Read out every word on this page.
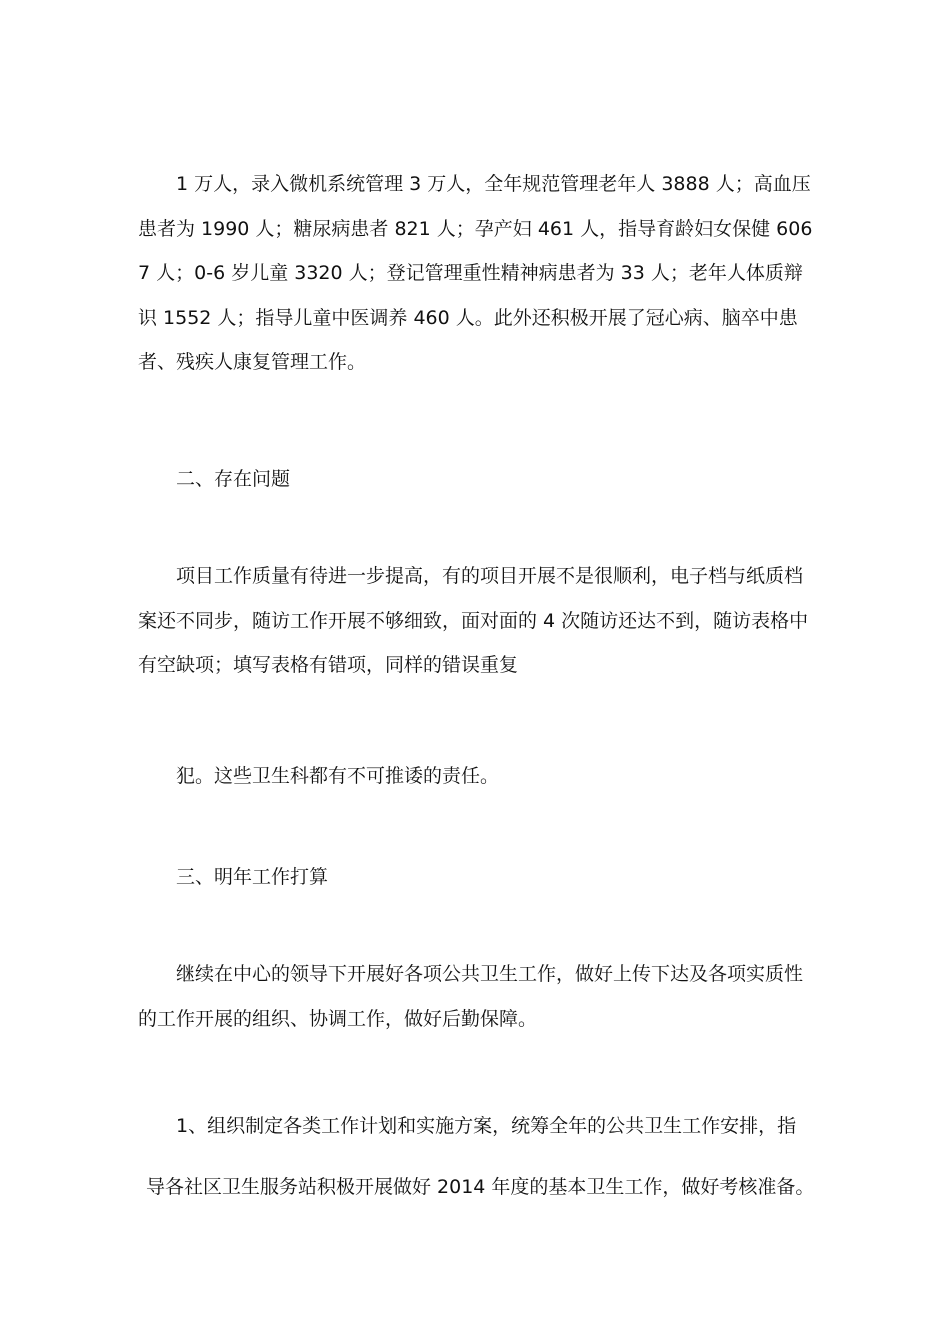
1 万人，录入微机系统管理 3 万人，全年规范管理老年人 3888 人；高血压患者为 1990 人；糖尿病患者 821 人；孕产妇 461 人，指导育龄妇女保健 6067 人；0-6 岁儿童 3320 人；登记管理重性精神病患者为 33 人；老年人体质辩识 1552 人；指导儿童中医调养 460 人。此外还积极开展了冠心病、脑卒中患者、残疾人康复管理工作。

二、存在问题

项目工作质量有待进一步提高，有的项目开展不是很顺利，电子档与纸质档案还不同步，随访工作开展不够细致，面对面的 4 次随访还达不到，随访表格中有空缺项；填写表格有错项，同样的错误重复

犯。这些卫生科都有不可推诿的责任。

三、明年工作打算

继续在中心的领导下开展好各项公共卫生工作，做好上传下达及各项实质性的工作开展的组织、协调工作，做好后勤保障。

1、组织制定各类工作计划和实施方案，统筹全年的公共卫生工作安排，指

导各社区卫生服务站积极开展做好 2014 年度的基本卫生工作，做好考核准备。
